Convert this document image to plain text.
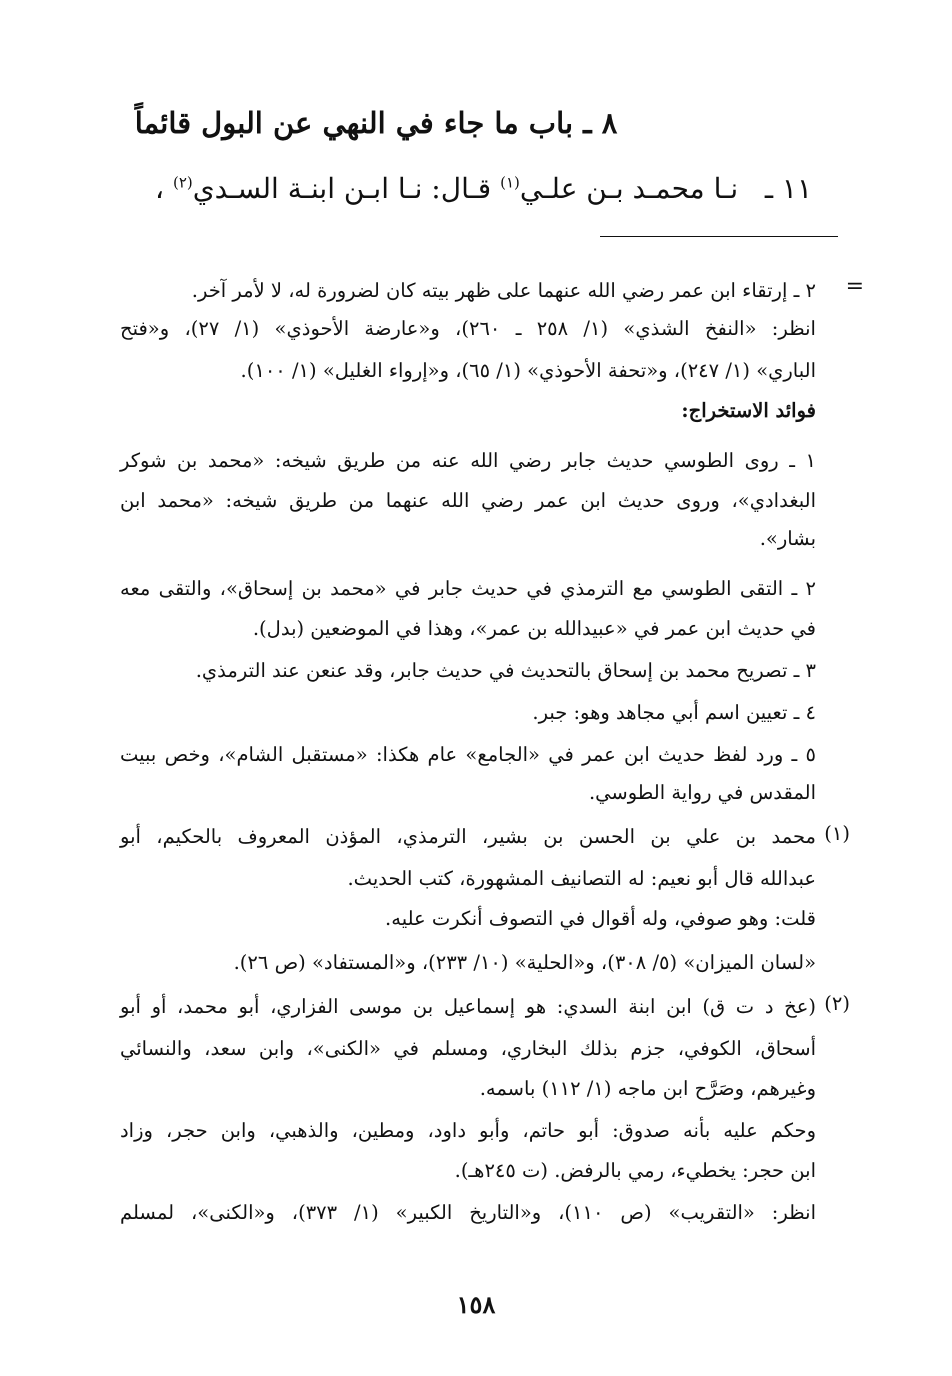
٨ ـ باب ما جاء في النهي عن البول قائماً
١١ ـ   نـا محمـد بـن علـي$^{(١)}$ قـال: نـا ابـن ابنـة السـدي$^{(٢)}$ ،
=
٢ ـ إرتقاء ابن عمر رضي الله عنهما على ظهر بيته كان لضرورة له، لا لأمر آخر.
انظر: «النفخ الشذي» (١/ ٢٥٨ ـ ٢٦٠)، و«عارضة الأحوذي» (١/ ٢٧)، و«فتح
الباري» (١/ ٢٤٧)، و«تحفة الأحوذي» (١/ ٦٥)، و«إرواء الغليل» (١/ ١٠٠).
فوائد الاستخراج:
١ ـ روى الطوسي حديث جابر رضي الله عنه من طريق شيخه: «محمد بن شوكر
البغدادي»، وروى حديث ابن عمر رضي الله عنهما من طريق شيخه: «محمد ابن
بشار».
٢ ـ التقى الطوسي مع الترمذي في حديث جابر في «محمد بن إسحاق»، والتقى معه
في حديث ابن عمر في «عبيدالله بن عمر»، وهذا في الموضعين (بدل).
٣ ـ تصريح محمد بن إسحاق بالتحديث في حديث جابر، وقد عنعن عند الترمذي.
٤ ـ تعيين اسم أبي مجاهد وهو: جبر.
٥ ـ ورد لفظ حديث ابن عمر في «الجامع» عام هكذا: «مستقبل الشام»، وخص ببيت
المقدس في رواية الطوسي.
(١)
محمد بن علي بن الحسن بن بشير، الترمذي، المؤذن المعروف بالحكيم، أبو
عبدالله قال أبو نعيم: له التصانيف المشهورة، كتب الحديث.
قلت: وهو صوفي، وله أقوال في التصوف أنكرت عليه.
«لسان الميزان» (٥/ ٣٠٨)، و«الحلية» (١٠/ ٢٣٣)، و«المستفاد» (ص ٢٦).
(٢)
(عخ د ت ق) ابن ابنة السدي: هو إسماعيل بن موسى الفزاري، أبو محمد، أو أبو
أسحاق، الكوفي، جزم بذلك البخاري، ومسلم في «الكنى»، وابن سعد، والنسائي
وغيرهم، وصَرَّح ابن ماجه (١/ ١١٢) باسمه.
وحكم عليه بأنه صدوق: أبو حاتم، وأبو داود، ومطين، والذهبي، وابن حجر، وزاد
ابن حجر: يخطيء، رمي بالرفض. (ت ٢٤٥هـ).
انظر: «التقريب» (ص ١١٠)، و«التاريخ الكبير» (١/ ٣٧٣)، و«الكنى»، لمسلم
١٥٨
